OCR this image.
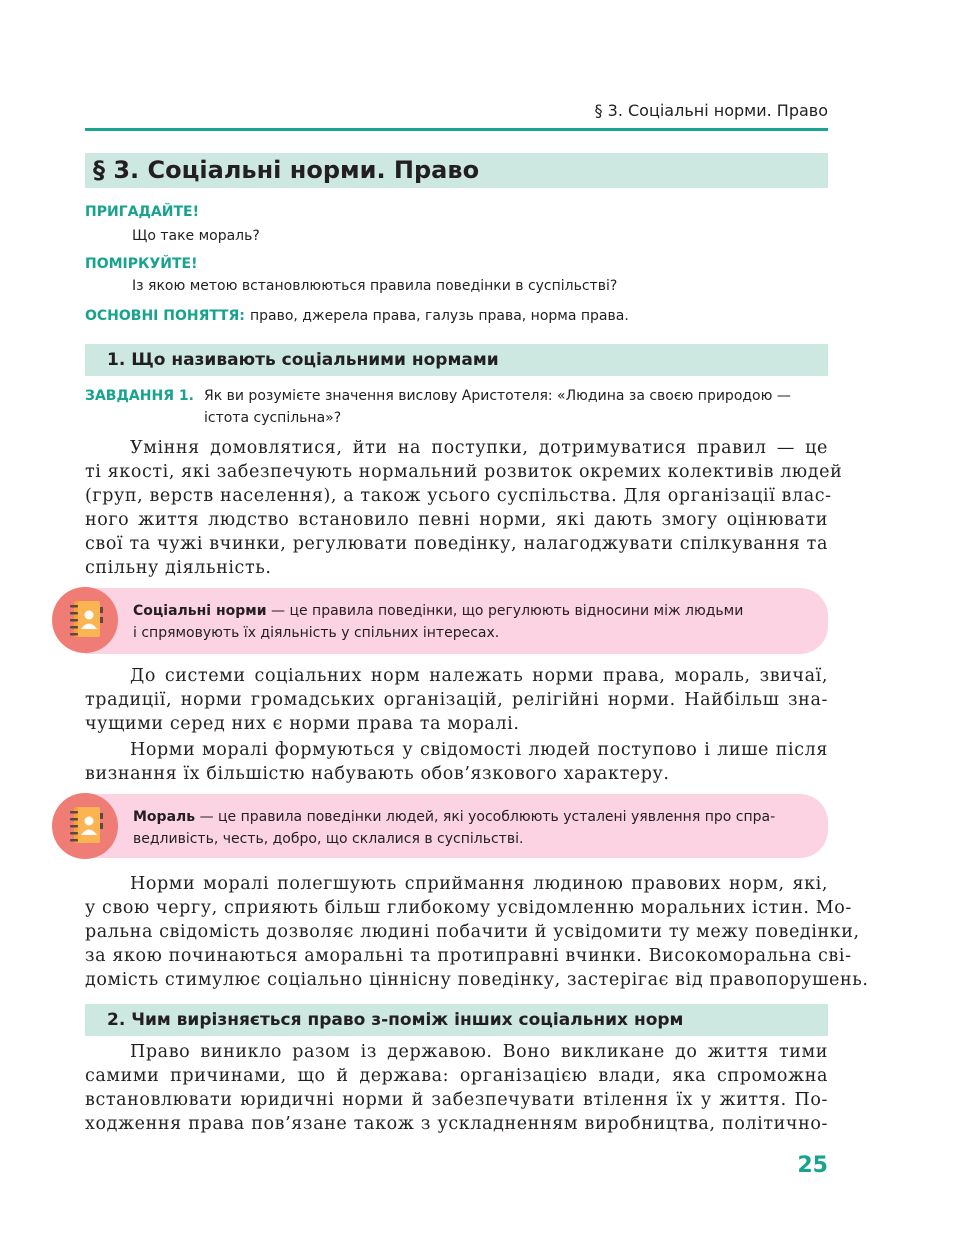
§ 3. Соціальні норми. Право
§ 3. Соціальні норми. Право
ПРИГАДАЙТЕ!
Що таке мораль?
ПОМІРКУЙТЕ!
Із якою метою встановлюються правила поведінки в суспільстві?
ОСНОВНІ ПОНЯТТЯ: право, джерела права, галузь права, норма права.
1. Що називають соціальними нормами
ЗАВДАННЯ 1. Як ви розумієте значення вислову Аристотеля: «Людина за своєю природою —
істота суспільна»?
Уміння домовлятися, йти на поступки, дотримуватися правил — це
ті якості, які забезпечують нормальний розвиток окремих колективів людей
(груп, верств населення), а також усього суспільства. Для організації влас-
ного життя людство встановило певні норми, які дають змогу оцінювати
свої та чужі вчинки, регулювати поведінку, налагоджувати спілкування та
спільну діяльність.
Соціальні норми — це правила поведінки, що регулюють відносини між людьми
і спрямовують їх діяльність у спільних інтересах.
До системи соціальних норм належать норми права, мораль, звичаї,
традиції, норми громадських організацій, релігійні норми. Найбільш зна-
чущими серед них є норми права та моралі.
Норми моралі формуються у свідомості людей поступово і лише після
визнання їх більшістю набувають обов’язкового характеру.
Мораль — це правила поведінки людей, які уособлюють усталені уявлення про спра-
ведливість, честь, добро, що склалися в суспільстві.
Норми моралі полегшують сприймання людиною правових норм, які,
у свою чергу, сприяють більш глибокому усвідомленню моральних істин. Мо-
ральна свідомість дозволяє людині побачити й усвідомити ту межу поведінки,
за якою починаються аморальні та протиправні вчинки. Високоморальна сві-
домість стимулює соціально ціннісну поведінку, застерігає від правопорушень.
2. Чим вирізняється право з-поміж інших соціальних норм
Право виникло разом із державою. Воно викликане до життя тими
самими причинами, що й держава: організацією влади, яка спроможна
встановлювати юридичні норми й забезпечувати втілення їх у життя. По-
ходження права пов’язане також з ускладненням виробництва, політично-
25
